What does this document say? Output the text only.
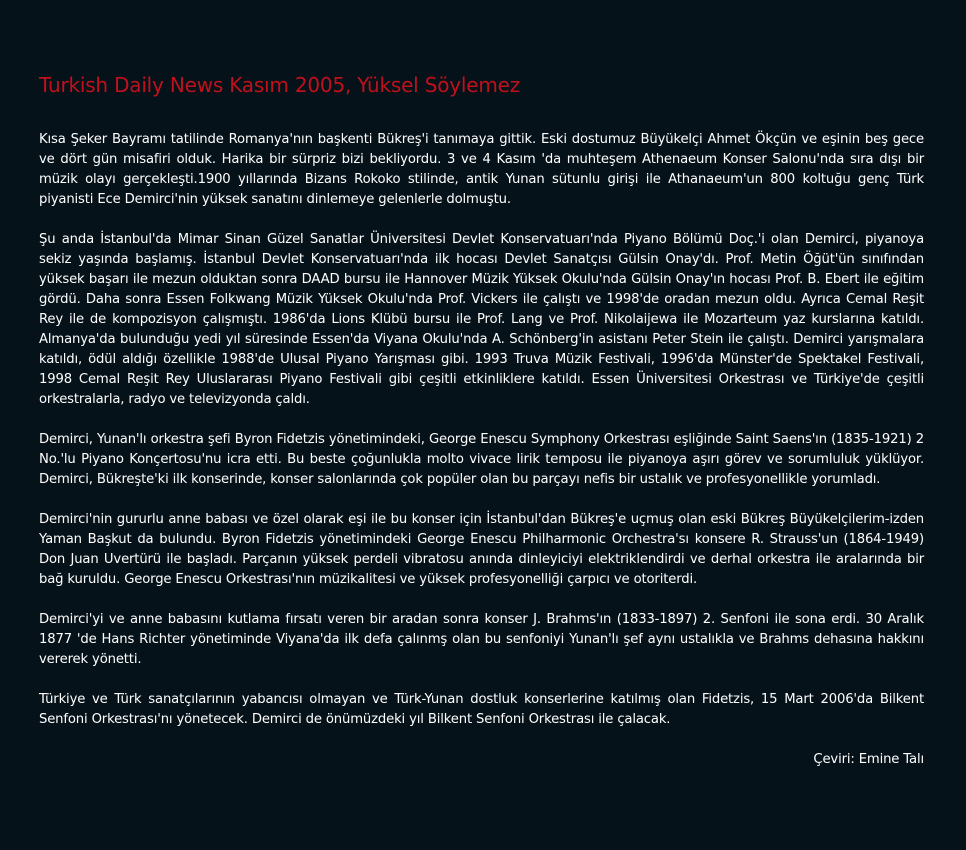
Turkish Daily News Kasım 2005, Yüksel Söylemez

Kısa Şeker Bayramı tatilinde Romanya'nın başkenti Bükreş'i tanımaya gittik. Eski dostumuz Büyükelçi Ahmet Ökçün ve eşinin beş gece ve dört gün misafiri olduk. Harika bir sürpriz bizi bekliyordu. 3 ve 4 Kasım 'da muhteşem Athenaeum Konser Salonu'nda sıra dışı bir müzik olayı gerçekleşti.1900 yıllarında Bizans Rokoko stilinde, antik Yunan sütunlu girişi ile Athanaeum'un 800 koltuğu genç Türk piyanisti Ece Demirci'nin yüksek sanatını dinlemeye gelenlerle dolmuştu.

Şu anda İstanbul'da Mimar Sinan Güzel Sanatlar Üniversitesi Devlet Konservatuarı'nda Piyano Bölümü Doç.'i olan Demirci, piyanoya sekiz yaşında başlamış. İstanbul Devlet Konservatuarı'nda ilk hocası Devlet Sanatçısı Gülsin Onay'dı. Prof. Metin Öğüt'ün sınıfından yüksek başarı ile mezun olduktan sonra DAAD bursu ile Hannover Müzik Yüksek Okulu'nda Gülsin Onay'ın hocası Prof. B. Ebert ile eğitim gördü. Daha sonra Essen Folkwang Müzik Yüksek Okulu'nda Prof. Vickers ile çalıştı ve 1998'de oradan mezun oldu. Ayrıca Cemal Reşit Rey ile de kompozisyon çalışmıştı. 1986'da Lions Klübü bursu ile Prof. Lang ve Prof. Nikolaijewa ile Mozarteum yaz kurslarına katıldı. Almanya'da bulunduğu yedi yıl süresinde Essen'da Viyana Okulu'nda A. Schönberg'in asistanı Peter Stein ile çalıştı. Demirci yarışmalara katıldı, ödül aldığı özellikle 1988'de Ulusal Piyano Yarışması gibi. 1993 Truva Müzik Festivali, 1996'da Münster'de Spektakel Festivali, 1998 Cemal Reşit Rey Uluslararası Piyano Festivali gibi çeşitli etkinliklere katıldı. Essen Üniversitesi Orkestrası ve Türkiye'de çeşitli orkestralarla, radyo ve televizyonda çaldı.

Demirci, Yunan'lı orkestra şefi Byron Fidetzis yönetimindeki, George Enescu Symphony Orkestrası eşliğinde Saint Saens'ın (1835-1921) 2 No.'lu Piyano Konçertosu'nu icra etti. Bu beste çoğunlukla molto vivace lirik temposu ile piyanoya aşırı görev ve sorumluluk yüklüyor. Demirci, Bükreşte'ki ilk konserinde, konser salonlarında çok popüler olan bu parçayı nefis bir ustalık ve profesyonellikle yorumladı.

Demirci'nin gururlu anne babası ve özel olarak eşi ile bu konser için İstanbul'dan Bükreş'e uçmuş olan eski Bükreş Büyükelçilerim-izden Yaman Başkut da bulundu. Byron Fidetzis yönetimindeki George Enescu Philharmonic Orchestra'sı konsere R. Strauss'un (1864-1949) Don Juan Uvertürü ile başladı. Parçanın yüksek perdeli vibratosu anında dinleyiciyi elektriklendirdi ve derhal orkestra ile aralarında bir bağ kuruldu. George Enescu Orkestrası'nın müzikalitesi ve yüksek profesyonelliği çarpıcı ve otoriterdi.

Demirci'yi ve anne babasını kutlama fırsatı veren bir aradan sonra konser J. Brahms'ın (1833-1897) 2. Senfoni ile sona erdi. 30 Aralık 1877 'de Hans Richter yönetiminde Viyana'da ilk defa çalınmş olan bu senfoniyi Yunan'lı şef aynı ustalıkla ve Brahms dehasına hakkını vererek yönetti.

Türkiye ve Türk sanatçılarının yabancısı olmayan ve Türk-Yunan dostluk konserlerine katılmış olan Fidetzis, 15 Mart 2006'da Bilkent Senfoni Orkestrası'nı yönetecek. Demirci de önümüzdeki yıl Bilkent Senfoni Orkestrası ile çalacak.

Çeviri: Emine Talı
